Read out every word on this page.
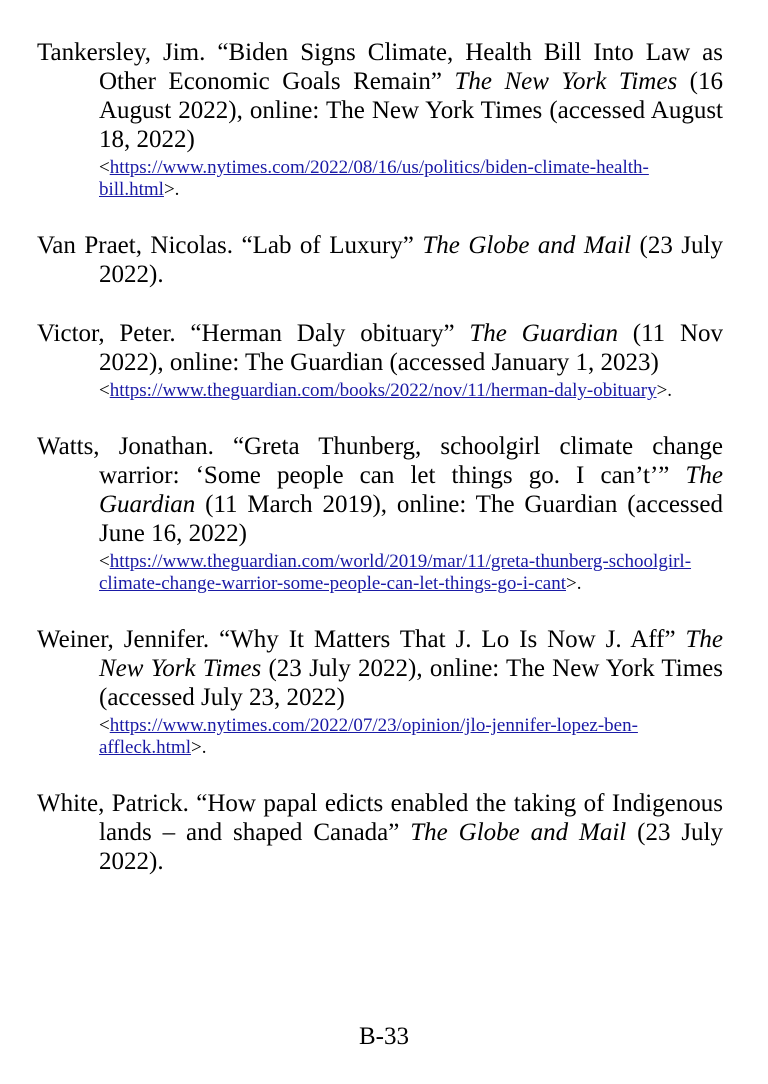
Tankersley, Jim. “Biden Signs Climate, Health Bill Into Law as Other Economic Goals Remain” The New York Times (16 August 2022), online: The New York Times (accessed August 18, 2022)
<https://www.nytimes.com/2022/08/16/us/politics/biden-climate-health-bill.html>.

Van Praet, Nicolas. “Lab of Luxury” The Globe and Mail (23 July 2022).

Victor, Peter. “Herman Daly obituary” The Guardian (11 Nov 2022), online: The Guardian (accessed January 1, 2023)
<https://www.theguardian.com/books/2022/nov/11/herman-daly-obituary>.

Watts, Jonathan. “Greta Thunberg, schoolgirl climate change warrior: ‘Some people can let things go. I can’t’” The Guardian (11 March 2019), online: The Guardian (accessed June 16, 2022)
<https://www.theguardian.com/world/2019/mar/11/greta-thunberg-schoolgirl-climate-change-warrior-some-people-can-let-things-go-i-cant>.

Weiner, Jennifer. “Why It Matters That J. Lo Is Now J. Aff” The New York Times (23 July 2022), online: The New York Times (accessed July 23, 2022)
<https://www.nytimes.com/2022/07/23/opinion/jlo-jennifer-lopez-ben-affleck.html>.

White, Patrick. “How papal edicts enabled the taking of Indigenous lands – and shaped Canada” The Globe and Mail (23 July 2022).

B-33
